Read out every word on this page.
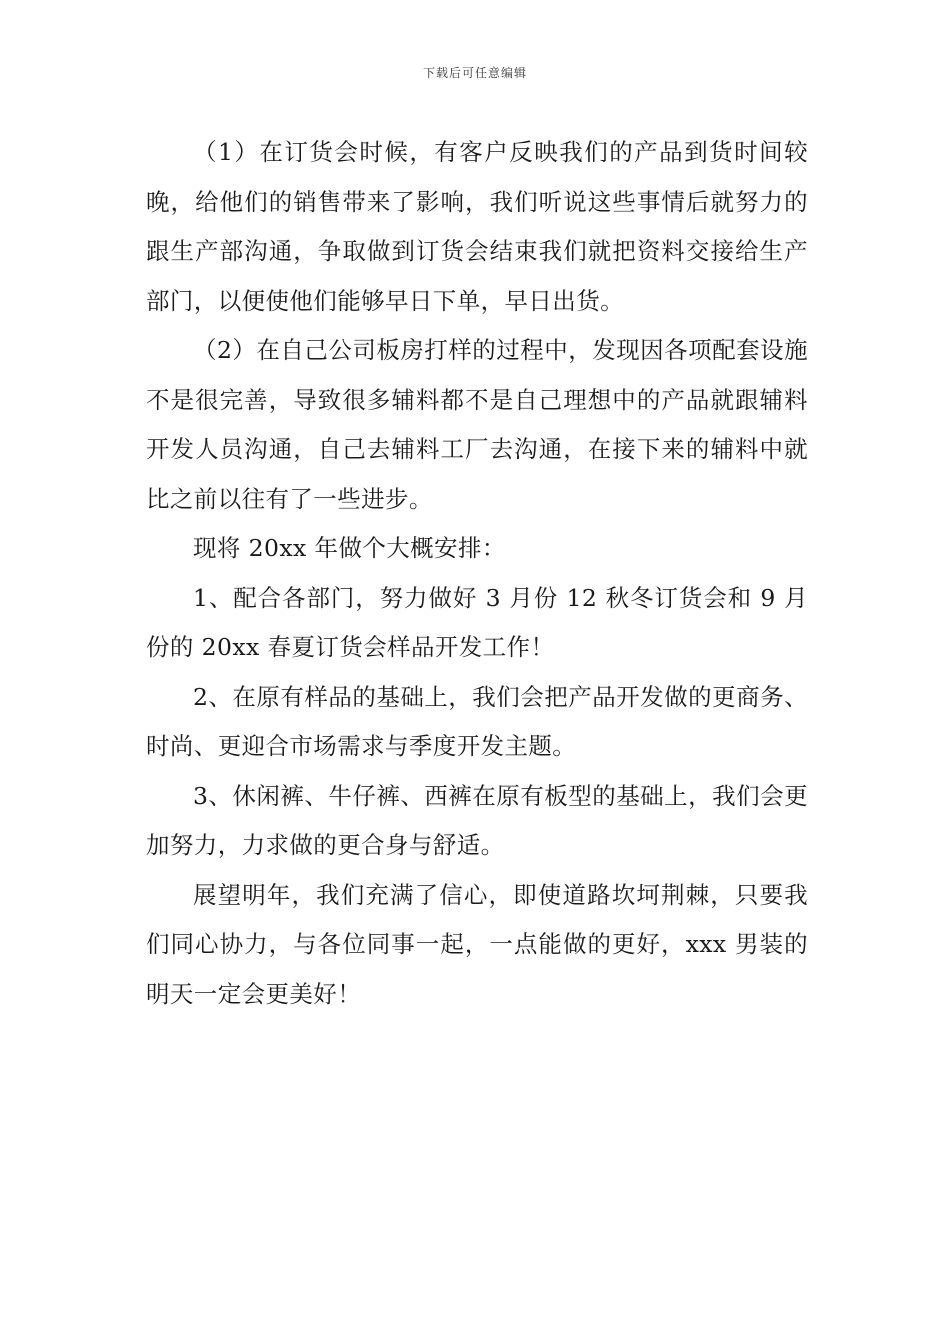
下载后可任意编辑

（1）在订货会时候，有客户反映我们的产品到货时间较晚，给他们的销售带来了影响，我们听说这些事情后就努力的跟生产部沟通，争取做到订货会结束我们就把资料交接给生产部门，以便使他们能够早日下单，早日出货。

（2）在自己公司板房打样的过程中，发现因各项配套设施不是很完善，导致很多辅料都不是自己理想中的产品就跟辅料开发人员沟通，自己去辅料工厂去沟通，在接下来的辅料中就比之前以往有了一些进步。

现将 20xx 年做个大概安排：

1、配合各部门，努力做好 3 月份 12 秋冬订货会和 9 月份的 20xx 春夏订货会样品开发工作！

2、在原有样品的基础上，我们会把产品开发做的更商务、时尚、更迎合市场需求与季度开发主题。

3、休闲裤、牛仔裤、西裤在原有板型的基础上，我们会更加努力，力求做的更合身与舒适。

展望明年，我们充满了信心，即使道路坎坷荆棘，只要我们同心协力，与各位同事一起，一点能做的更好，xxx 男装的明天一定会更美好！
